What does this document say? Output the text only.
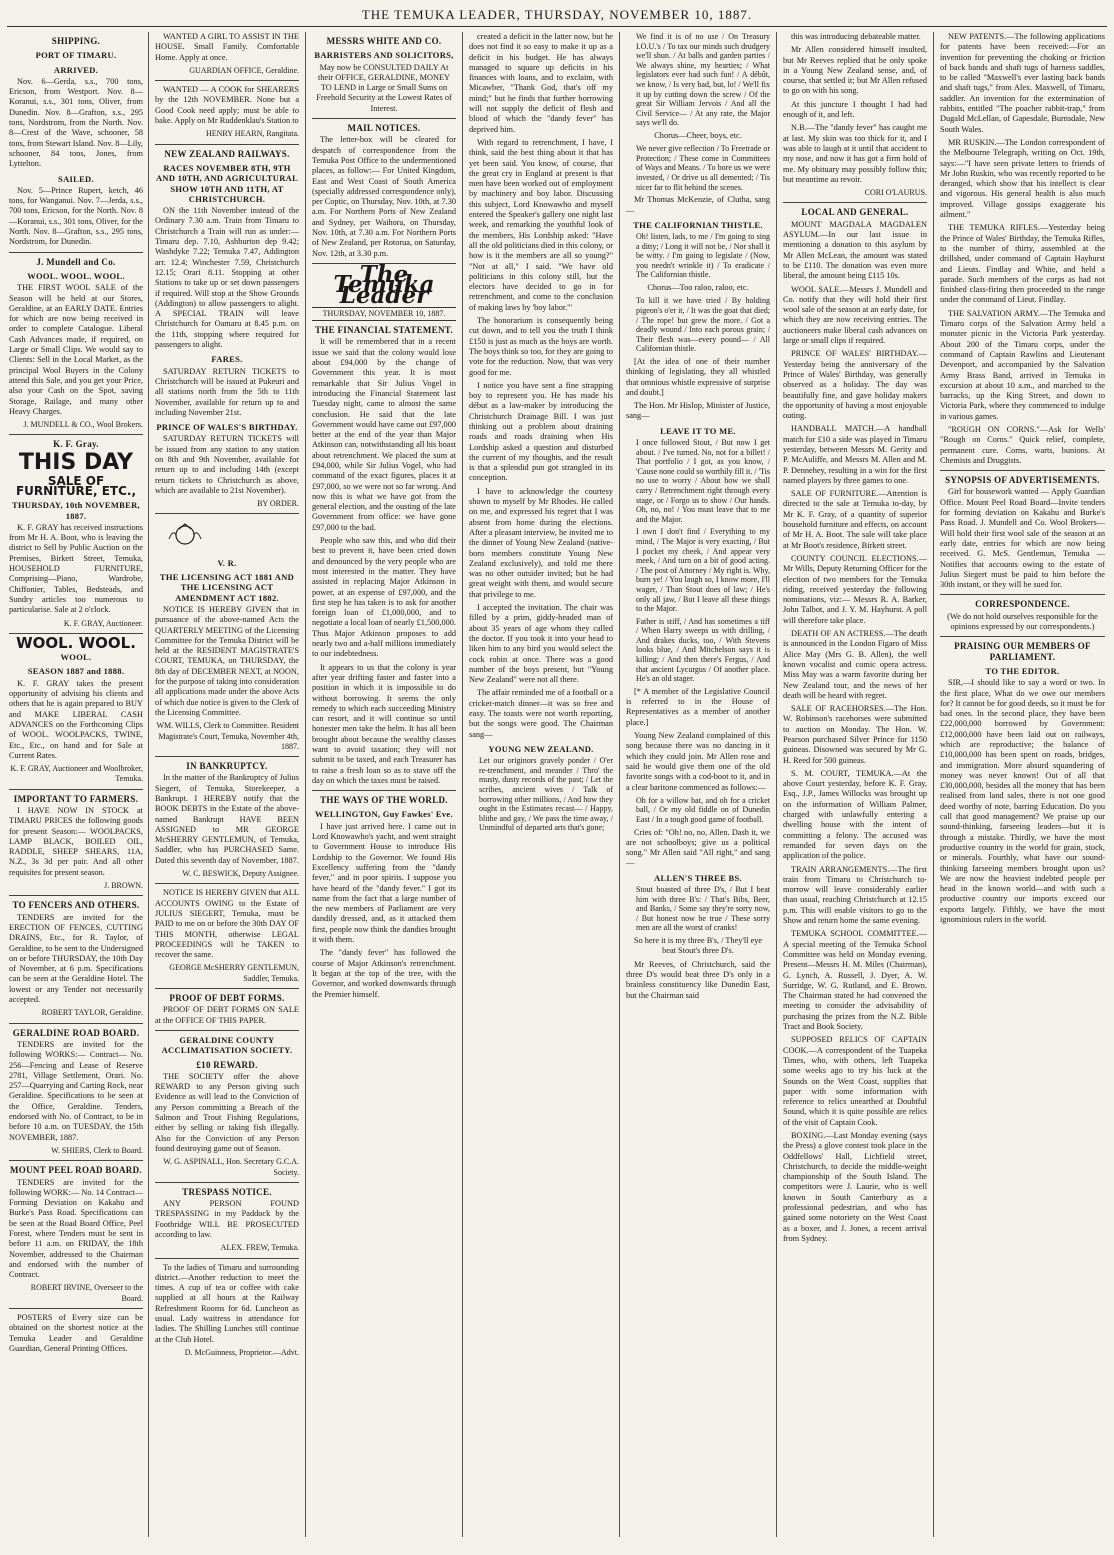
THE TEMUKA LEADER, THURSDAY, NOVEMBER 10, 1887.
SHIPPING.
PORT OF TIMARU.
ARRIVED.

Nov. 6—Gerda, s.s., 700 tons, Ericson, from Westport. Nov. 8—Koranui, s.s., 301 tons, Oliver, from Dunedin. Nov. 8—Grafton, s.s., 295 tons, Nordstrom, from the North. Nov. 8—Crest of the Wave, schooner, 58 tons, from Stewart Island. Nov. 8—Lily, schooner, 84 tons, Jones, from Lyttelton.

SAILED.

Nov. 5—Prince Rupert, ketch, 46 tons, for Wanganui. Nov. 7—Jerda, s.s., 700 tons, Ericson, for the North. Nov. 8—Koranui, s.s., 301 tons, Oliver, for the North. Nov. 8—Grafton, s.s., 295 tons, Nordstrom, for Dunedin.

J. Mundell and Co.
WOOL. WOOL. WOOL.

THE FIRST WOOL SALE of the Season will be held at our Stores, Geraldine, at an EARLY DATE. Entries for which are now being received in order to complete Catalogue. Liberal Cash Advances made, if required, on Large or Small Clips. We would say to Clients: Sell in the Local Market, as the principal Wool Buyers in the Colony attend this Sale, and you get your Price, also your Cash on the Spot, saving Storage, Railage, and many other Heavy Charges.

J. MUNDELL & CO., Wool Brokers.
K. F. Gray.
THIS DAY
SALE OF FURNITURE, ETC.,
THURSDAY, 10th NOVEMBER, 1887.

K. F. GRAY has received instructions from Mr H. A. Boot, who is leaving the district to Sell by Public Auction on the Premises, Birkett Street, Temuka, HOUSEHOLD FURNITURE, Comprising—Piano, Wardrobe, Chiffonier, Tables, Bedsteads, and Sundry articles too numerous to particularise. Sale at 2 o'clock.

K. F. GRAY, Auctioneer.
WOOL. WOOL.
WOOL.
SEASON 1887 and 1888.

K. F. GRAY takes the present opportunity of advising his clients and others that he is again prepared to BUY and MAKE LIBERAL CASH ADVANCES on the Forthcoming Clips of WOOL. WOOLPACKS, TWINE, Etc., Etc., on hand and for Sale at Current Rates.

K. F. GRAY, Auctioneer and Woolbroker, Temuka.
IMPORTANT TO FARMERS.

I HAVE NOW IN STOCK at TIMARU PRICES the following goods for present Season:— WOOLPACKS, LAMP BLACK, BOILED OIL, RADDLE, SHEEP SHEARS, 11A, N.Z., 3s 3d per pair. And all other requisites for present season.

J. BROWN.
TO FENCERS AND OTHERS.

TENDERS are invited for the ERECTION OF FENCES, CUTTING DRAINS, Etc., for R. Taylor, of Geraldine, to be sent to the Undersigned on or before THURSDAY, the 10th Day of November, at 6 p.m. Specifications can be seen at the Geraldine Hotel. The lowest or any Tender not necessarily accepted.

ROBERT TAYLOR, Geraldine.
GERALDINE ROAD BOARD.

TENDERS are invited for the following WORKS:— Contract— No. 256—Fencing and Lease of Reserve 2781, Village Settlement, Orari. No. 257—Quarrying and Carting Rock, near Geraldine. Specifications to be seen at the Office, Geraldine. Tenders, endorsed with No. of Contract, to be in before 10 a.m. on TUESDAY, the 15th NOVEMBER, 1887.

W. SHIERS, Clerk to Board.
MOUNT PEEL ROAD BOARD.

TENDERS are invited for the following WORK:— No. 14 Contract—Forming Deviation on Kakahu and Burke's Pass Road. Specifications can be seen at the Road Board Office, Peel Forest, where Tenders must be sent in before 11 a.m. on FRIDAY, the 18th November, addressed to the Chairman and endorsed with the number of Contract.

ROBERT IRVINE, Overseer to the Board.

POSTERS of Every size can be obtained on the shortest notice at the Temuka Leader and Geraldine Guardian, General Printing Offices.

WANTED A GIRL TO ASSIST IN THE HOUSE. Small Family. Comfortable Home. Apply at once.

GUARDIAN OFFICE, Geraldine.

WANTED — A COOK for SHEARERS by the 12th NOVEMBER. None but a Good Cook need apply; must be able to bake. Apply on Mr Ruddenklau's Station to

HENRY HEARN, Rangitata.
NEW ZEALAND RAILWAYS.
RACES NOVEMBER 8TH, 9TH AND 10TH, AND AGRICULTURAL SHOW 10TH AND 11TH, AT CHRISTCHURCH.

ON the 11th November instead of the Ordinary 7.30 a.m. Train from Timaru to Christchurch a Train will run as under:— Timaru dep. 7.10, Ashburton dep 9.42; Washdyke 7.22; Temuka 7.47, Addington arr. 12.4; Winchester 7.59, Christchurch 12.15; Orari 8.11. Stopping at other Stations to take up or set down passengers if required. Will stop at the Show Grounds (Addington) to allow passengers to alight. A SPECIAL TRAIN will leave Christchurch for Oamaru at 8.45 p.m. on the 11th, stopping where required for passengers to alight.

FARES.

SATURDAY RETURN TICKETS to Christchurch will be issued at Pukeuri and all stations north from the 5th to 11th November, available for return up to and including November 21st.

PRINCE OF WALES'S BIRTHDAY.

SATURDAY RETURN TICKETS will be issued from any station to any station on 8th and 9th November, available for return up to and including 14th (except return tickets to Christchurch as above, which are available to 21st November).

BY ORDER.
V. R.
THE LICENSING ACT 1881 AND THE LICENSING ACT AMENDMENT ACT 1882.

NOTICE IS HEREBY GIVEN that in pursuance of the above-named Acts the QUARTERLY MEETING of the Licensing Committee for the Temuka District will be held at the RESIDENT MAGISTRATE'S COURT, TEMUKA, on THURSDAY, the 8th day of DECEMBER NEXT, at NOON, for the purpose of taking into consideration all applications made under the above Acts of which due notice is given to the Clerk of the Licensing Committee.

WM. WILLS, Clerk to Committee. Resident Magistrate's Court, Temuka, November 4th, 1887.
IN BANKRUPTCY.

In the matter of the Bankruptcy of Julius Siegert, of Temuka, Storekeeper, a Bankrupt. I HEREBY notify that the BOOK DEBTS in the Estate of the above-named Bankrupt HAVE BEEN ASSIGNED to MR GEORGE McSHERRY GENTLEMUN, of Temuka, Saddler, who has PURCHASED Same. Dated this seventh day of November, 1887.

W. C. BESWICK, Deputy Assignee.

NOTICE IS HEREBY GIVEN that ALL ACCOUNTS OWING to the Estate of JULIUS SIEGERT, Temuka, must be PAID to me on or before the 30th DAY OF THIS MONTH, otherwise LEGAL PROCEEDINGS will be TAKEN to recover the same.

GEORGE McSHERRY GENTLEMUN, Saddler, Temuka.
PROOF OF DEBT FORMS.

PROOF OF DEBT FORMS ON SALE at the OFFICE OF THIS PAPER.

GERALDINE COUNTY ACCLIMATISATION SOCIETY.
£10 REWARD.

THE SOCIETY offer the above REWARD to any Person giving such Evidence as will lead to the Conviction of any Person committing a Breach of the Salmon and Trout Fishing Regulations, either by selling or taking fish illegally. Also for the Conviction of any Person found destroying game out of Season.

W. G. ASPINALL, Hon. Secretary G.C.A. Society.
TRESPASS NOTICE.

ANY PERSON FOUND TRESPASSING in my Paddock by the Footbridge WILL BE PROSECUTED according to law.

ALEX. FREW, Temuka.

To the ladies of Timaru and surrounding district.—Another reduction to meet the times. A cup of tea or coffee with cake supplied at all hours at the Railway Refreshment Rooms for 6d. Luncheon as usual. Lady waitress in attendance for ladies. The Shilling Lunches still continue at the Club Hotel.

D. McGuinness, Proprietor.—Advt.
MESSRS WHITE AND CO.
BARRISTERS AND SOLICITORS,

May now be CONSULTED DAILY At their OFFICE, GERALDINE, MONEY TO LEND in Large or Small Sums on Freehold Security at the Lowest Rates of Interest.

MAIL NOTICES.

The letter-box will be cleared for despatch of correspondence from the Temuka Post Office to the undermentioned places, as follow:— For United Kingdom, East and West Coast of South America (specially addressed correspondence only), per Coptic, on Thursday, Nov. 10th, at 7.30 a.m. For Northern Ports of New Zealand and Sydney, per Waihora, on Thursday, Nov. 10th, at 7.30 a.m. For Northern Ports of New Zealand, per Rotorua, on Saturday, Nov. 12th, at 3.30 p.m.

The Temuka Leader
THURSDAY, NOVEMBER 10, 1887.
THE FINANCIAL STATEMENT.

It will be remembered that in a recent issue we said that the colony would lose about £94,000 by the change of Government this year. It is most remarkable that Sir Julius Vogel in introducing the Financial Statement last Tuesday night, came to almost the same conclusion. He said that the late Government would have came out £97,000 better at the end of the year than Major Atkinson can, notwithstanding all his boast about retrenchment. We placed the sum at £94,000, while Sir Julius Vogel, who had command of the exact figures, places it at £97,000, so we were not so far wrong. And now this is what we have got from the general election, and the ousting of the late Government from office: we have gone £97,000 to the bad.

People who saw this, and who did their best to prevent it, have been cried down and denounced by the very people who are most interested in the matter. They have assisted in replacing Major Atkinson in power, at an expense of £97,000, and the first step he has taken is to ask for another foreign loan of £1,000,000, and to negotiate a local loan of nearly £1,500,000. Thus Major Atkinson proposes to add nearly two and a-half millions immediately to our indebtedness.

It appears to us that the colony is year after year drifting faster and faster into a position in which it is impossible to do without borrowing. It seems the only remedy to which each succeeding Ministry can resort, and it will continue so until honester men take the helm. It has all been brought about because the wealthy classes want to avoid taxation; they will not submit to be taxed, and each Treasurer has to raise a fresh loan so as to stave off the day on which the taxes must be raised.

THE WAYS OF THE WORLD.
WELLINGTON, Guy Fawkes' Eve.

I have just arrived here. I came out in Lord Knowawho's yacht, and went straight to Government House to introduce His Lordship to the Governor. We found His Excellency suffering from the "dandy fever," and in poor spirits. I suppose you have heard of the "dandy fever." I got its name from the fact that a large number of the new members of Parliament are very dandily dressed, and, as it attacked them first, people now think the dandies brought it with them.

The "dandy fever" has followed the course of Major Atkinson's retrenchment. It began at the top of the tree, with the Governor, and worked downwards through the Premier himself.

created a deficit in the latter now, but he does not find it so easy to make it up as a deficit in his budget. He has always managed to square up deficits in his finances with loans, and to exclaim, with Micawber, "Thank God, that's off my mind;" but he finds that further borrowing will not supply the deficit of flesh and blood of which the "dandy fever" has deprived him.

With regard to retrenchment, I have, I think, said the best thing about it that has yet been said. You know, of course, that the great cry in England at present is that men have been worked out of employment by machinery and boy labor. Discussing this subject, Lord Knowawho and myself entered the Speaker's gallery one night last week, and remarking the youthful look of the members, His Lordship asked: "Have all the old politicians died in this colony, or how is it the members are all so young?" "Not at all," I said. "We have old politicians in this colony still, but the electors have decided to go in for retrenchment, and come to the conclusion of making laws by 'boy labor.'"

The honorarium is consequently being cut down, and to tell you the truth I think £150 is just as much as the boys are worth. The boys think so too, for they are going to vote for the reduction. Now, that was very good for me.

I notice you have sent a fine strapping boy to represent you. He has made his début as a law-maker by introducing the Christchurch Drainage Bill. I was just thinking out a problem about draining roads and roads draining when His Lordship asked a question and disturbed the current of my thoughts, and the result is that a splendid pun got strangled in its conception.

I have to acknowledge the courtesy shown to myself by Mr Rhodes. He called on me, and expressed his regret that I was absent from home during the elections. After a pleasant interview, he invited me to the dinner of Young New Zealand (native-born members constitute Young New Zealand exclusively), and told me there was no other outsider invited; but he had great weight with them, and would secure that privilege to me.

I accepted the invitation. The chair was filled by a prim, giddy-headed man of about 35 years of age whom they called the doctor. If you took it into your head to liken him to any bird you would select the cock robin at once. There was a good number of the boys present, but "Young New Zealand" were not all there.

The affair reminded me of a football or a cricket-match dinner—it was so free and easy. The toasts were not worth reporting, but the songs were good. The Chairman sang—

YOUNG NEW ZEALAND.

Let our originors gravely ponder / O'er re-trenchment, and meander / Thro' the musty, dusty records of the past; / Let the scribes, ancient wives / Talk of borrowing other millions, / And how they ought in the Estimates recast— / Happy, blithe and gay, / We pass the time away, / Unmindful of departed arts that's gone;

We find it is of no use / On Treasury I.O.U.'s / To tax our minds such drudgery we'll shun. / At balls and garden parties / We always shine, my hearties; / What legislators ever had such fun! / A débût, we know, / Is very bad, but, lo! / We'll fix it up by cutting down the screw / Of the great Sir William Jervois / And all the Civil Service— / At any rate, the Major says we'll do.

Chorus—Cheer, boys, etc.

We never give reflection / To Freetrade or Protection; / These come in Committees of Ways and Means. / To bore us we were invested, / Or drive us all demented; / Tis nicer far to flit behind the scenes.

Mr Thomas McKenzie, of Clutha, sang—

THE CALIFORNIAN THISTLE.

Oh! listen, lads, to me / I'm going to sing a ditty; / Long it will not be, / Nor shall it be witty. / I'm going to legislate / (Now, you needn't wrinkle it) / To eradicate / The Californian thistle.

Chorus—Too raloo, raloo, etc.

To kill it we have tried / By holding pigeon's o'er it, / It was the goat that died; / The rope! but grew the more. / Got a deadly wound / Into each porous grain; / Their flesh was—every pound— / All Californian thistle.

[At the idea of one of their number thinking of legislating, they all whistled that omnious whistle expressive of surprise and doubt.]

The Hon. Mr Hislop, Minister of Justice, sang—

LEAVE IT TO ME.

I once followed Stout, / But now I get about. / I've turned. No, not for a billet! / That portfolio / I got, as you know, / 'Cause none could so worthily fill it. / 'Tis no use to worry / About how we shall carry / Retrenchment right through every stage, or / Forgo us to show / Our hands. Oh, no, no! / You must leave that to me and the Major.

I own I don't find / Everything to my mind, / The Major is very exacting, / But I pocket my cheek, / And appear very meek, / And turn on a bit of good acting. / The post of Attorney / My right is. Why, burn ye! / You laugh so, I know more, I'll wager, / Than Stout does of law; / He's only all jaw, / But I leave all these things to the Major.

Father is stiff, / And has sometimes a tiff / When Harry sweeps us with drilling, / And drakes ducks, too, / With Stevens looks blue, / And Mitchelson says it is killing; / And then there's Fergus, / And that ancient Lycurgus / Of another place. He's an old stager.

[* A member of the Legislative Council is referred to in the House of Representatives as a member of another place.]

Young New Zealand complained of this song because there was no dancing in it which they could join. Mr Allen rose and said he would give them one of the old favorite songs with a cod-boot to it, and in a clear baritone commenced as follows:—

Oh for a willow bat, and oh for a cricket ball, / Or my old fiddle on of Dunedin East / In a tough good game of football.

Cries of: "Oh! no, no, Allen. Dash it, we are not schoolboys; give us a political song." Mr Allen said "All right," and sang—

ALLEN'S THREE BS.

Stout boasted of three D's, / But I beat him with three B's: / That's Bibs, Beer, and Banks, / Some say they're sorry now, / But honest now be true / These sorry men are all the worst of cranks!

So here it is my three B's, / They'll eye beat Stout's three D's.

Mr Reeves, of Christchurch, said the three D's would beat three D's only in a brainless constituency like Dunedin East, but the Chairman said

this was introducing debateable matter.

Mr Allen considered himself insulted, but Mr Reeves replied that he only spoke in a Young New Zealand sense, and, of course, that settled it; but Mr Allen refused to go on with his song.

At this juncture I thought I had had enough of it, and left.

N.B.—The "dandy fever" has caught me at last. My skin was too thick for it, and I was able to laugh at it until that accident to my nose, and now it has got a firm hold of me. My obituary may possibly follow this; but meantime au revoir.

CORI O'LAURUS.
LOCAL AND GENERAL.

MOUNT MAGDALA MAGDALEN ASYLUM.—In our last issue in mentioning a donation to this asylum by Mr Allen McLean, the amount was stated to be £110. The donation was even more liberal, the amount being £115 10s.

WOOL SALE.—Messrs J. Mundell and Co. notify that they will hold their first wool sale of the season at an early date, for which they are now receiving entries. The auctioneers make liberal cash advances on large or small clips if required.

PRINCE OF WALES' BIRTHDAY.—Yesterday being the anniversary of the Prince of Wales' Birthday, was generally observed as a holiday. The day was beautifully fine, and gave holiday makers the opportunity of having a most enjoyable outing.

HANDBALL MATCH.—A handball match for £10 a side was played in Timaru yesterday, between Messrs M. Gerity and P. McAuliffe, and Messrs M. Allen and M. P. Dennehey, resulting in a win for the first named players by three games to one.

SALE OF FURNITURE.—Attention is directed to the sale at Temuka to-day, by Mr K. F. Gray, of a quantity of superior household furniture and effects, on account of Mr H. A. Boot. The sale will take place at Mr Boot's residence, Birkett street.

COUNTY COUNCIL ELECTIONS.—Mr Wills, Deputy Returning Officer for the election of two members for the Temuka riding, received yesterday the following nominations, viz:— Messrs R. A. Barker, John Talbot, and J. Y. M. Hayhurst. A poll will therefore take place.

DEATH OF AN ACTRESS.—The death is announced in the London Figaro of Miss Alice May (Mrs G. B. Allen), the well known vocalist and comic opera actress. Miss May was a warm favorite during her New Zealand tour, and the news of her death will be heard with regret.

SALE OF RACEHORSES.—The Hon. W. Robinson's racehorses were submitted to auction on Monday. The Hon. W. Pearson purchased Silver Prince for 1150 guineas. Disowned was secured by Mr G. H. Reed for 500 guineas.

S. M. COURT, TEMUKA.—At the above Court yesterday, before K. F. Gray, Esq., J.P., James Willocks was brought up on the information of William Palmer, charged with unlawfully entering a dwelling house with the intent of committing a felony. The accused was remanded for seven days on the application of the police.

TRAIN ARRANGEMENTS.—The first train from Timaru to Christchurch to-morrow will leave considerably earlier than usual, reaching Christchurch at 12.15 p.m. This will enable visitors to go to the Show and return home the same evening.

TEMUKA SCHOOL COMMITTEE.—A special meeting of the Temuka School Committee was held on Monday evening. Present—Messrs H. M. Miles (Chairman), G. Lynch, A. Russell, J. Dyer, A. W. Surridge, W. G. Rutland, and E. Brown. The Chairman stated he had convened the meeting to consider the advisability of purchasing the prizes from the N.Z. Bible Tract and Book Society.

SUPPOSED RELICS OF CAPTAIN COOK.—A correspondent of the Tuapeka Times, who, with others, left Tuapeka some weeks ago to try his luck at the Sounds on the West Coast, supplies that paper with some information with reference to relics unearthed at Doubtful Sound, which it is quite possible are relics of the visit of Captain Cook.

BOXING.—Last Monday evening (says the Press) a glove contest took place in the Oddfellows' Hall, Lichfield street, Christchurch, to decide the middle-weight championship of the South Island. The competitors were J. Laurie, who is well known in South Canterbury as a professional pedestrian, and who has gained some notoriety on the West Coast as a boxer, and J. Jones, a recent arrival from Sydney.

NEW PATENTS.—The following applications for patents have been received:—For an invention for preventing the choking or friction of back bands and shaft tugs of harness saddles, to be called "Maxwell's ever lasting back bands and shaft tugs," from Alex. Maxwell, of Timaru, saddler. An invention for the extermination of rabbits, entitled "The poacher rabbit-trap," from Dugald McLellan, of Gapesdale, Burnsdale, New South Wales.

MR RUSKIN.—The London correspondent of the Melbourne Telegraph, writing on Oct. 19th, says:—"I have seen private letters to friends of Mr John Ruskin, who was recently reported to be deranged, which show that his intellect is clear and vigorous. His general health is also much improved. Village gossips exaggerate his ailment."

THE TEMUKA RIFLES.—Yesterday being the Prince of Wales' Birthday, the Temuka Rifles, to the number of thirty, assembled at the drillshed, under command of Captain Hayhurst and Lieuts. Findlay and White, and held a parade. Such members of the corps as had not finished class-firing then proceeded to the range under the command of Lieut. Findlay.

THE SALVATION ARMY.—The Temuka and Timaru corps of the Salvation Army held a monster picnic in the Victoria Park yesterday. About 200 of the Timaru corps, under the command of Captain Rawlins and Lieutenant Devenport, and accompanied by the Salvation Army Brass Band, arrived in Temuka in excursion at about 10 a.m., and marched to the barracks, up the King Street, and down to Victoria Park, where they commenced to indulge in various games.

"ROUGH ON CORNS."—Ask for Wells' "Rough on Corns." Quick relief, complete, permanent cure. Corns, warts, bunions. At Chemists and Druggists.

SYNOPSIS OF ADVERTISEMENTS.

Girl for housework wanted — Apply Guardian Office. Mount Peel Road Board—Invite tenders for forming deviation on Kakahu and Burke's Pass Road. J. Mundell and Co. Wool Brokers—Will hold their first wool sale of the season at an early date, entries for which are now being received. G. McS. Gentlemun, Temuka — Notifies that accounts owing to the estate of Julius Siegert must be paid to him before the 30th instant, or they will be sued for.

CORRESPONDENCE.

(We do not hold ourselves responsible for the opinions expressed by our correspondents.)

PRAISING OUR MEMBERS OF PARLIAMENT.
TO THE EDITOR.

SIR,—I should like to say a word or two. In the first place, What do we owe our members for? It cannot be for good deeds, so it must be for bad ones. In the second place, they have been £22,000,000 borrowed by Government: £12,000,000 have been laid out on railways, which are reproductive; the balance of £10,000,000 has been spent on roads, bridges, and immigration. More absurd squandering of money was never known! Out of all that £30,000,000, besides all the money that has been realised from land sales, there is not one good deed worthy of note, barring Education. Do you call that good management? We praise up our sound-thinking, farseeing leaders—but it is through a mistake. Thirdly, we have the most productive country in the world for grain, stock, or minerals. Fourthly, what have our sound-thinking farseeing members brought upon us? We are now the heaviest indebted people per head in the known world—and with such a productive country our imports exceed our exports largely. Fifthly, we have the most ignominious rulers in the world.
